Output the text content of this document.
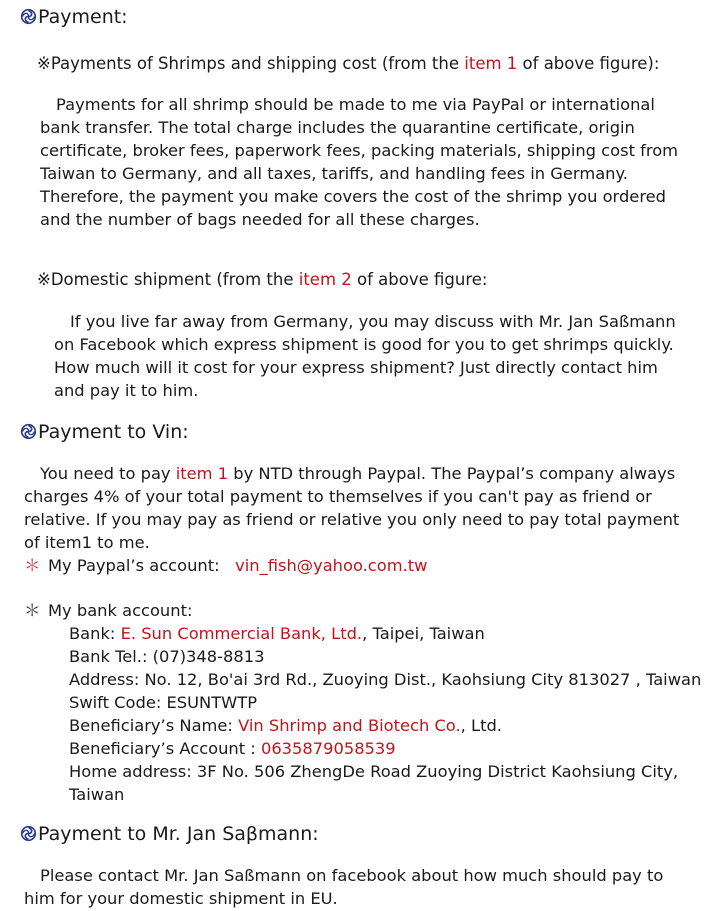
Payment:
※Payments of Shrimps and shipping cost (from the item 1 of above figure):
Payments for all shrimp should be made to me via PayPal or international bank transfer. The total charge includes the quarantine certificate, origin certificate, broker fees, paperwork fees, packing materials, shipping cost from Taiwan to Germany, and all taxes, tariffs, and handling fees in Germany. Therefore, the payment you make covers the cost of the shrimp you ordered and the number of bags needed for all these charges.
※Domestic shipment (from the item 2 of above figure:
If you live far away from Germany, you may discuss with Mr. Jan Saßmann on Facebook which express shipment is good for you to get shrimps quickly. How much will it cost for your express shipment? Just directly contact him and pay it to him.
Payment to Vin:
You need to pay item 1 by NTD through Paypal. The Paypal’s company always charges 4% of your total payment to themselves if you can't pay as friend or relative. If you may pay as friend or relative you only need to pay total payment of item1 to me.
＊ My Paypal’s account: vin_fish@yahoo.com.tw
＊ My bank account:
Bank: E. Sun Commercial Bank, Ltd., Taipei, Taiwan
Bank Tel.: (07)348-8813
Address: No. 12, Bo'ai 3rd Rd., Zuoying Dist., Kaohsiung City 813027 , Taiwan
Swift Code: ESUNTWTP
Beneficiary’s Name: Vin Shrimp and Biotech Co., Ltd.
Beneficiary’s Account : 0635879058539
Home address: 3F No. 506 ZhengDe Road Zuoying District Kaohsiung City,
Taiwan
Payment to Mr. Jan Saβmann:
Please contact Mr. Jan Saßmann on facebook about how much should pay to him for your domestic shipment in EU.
